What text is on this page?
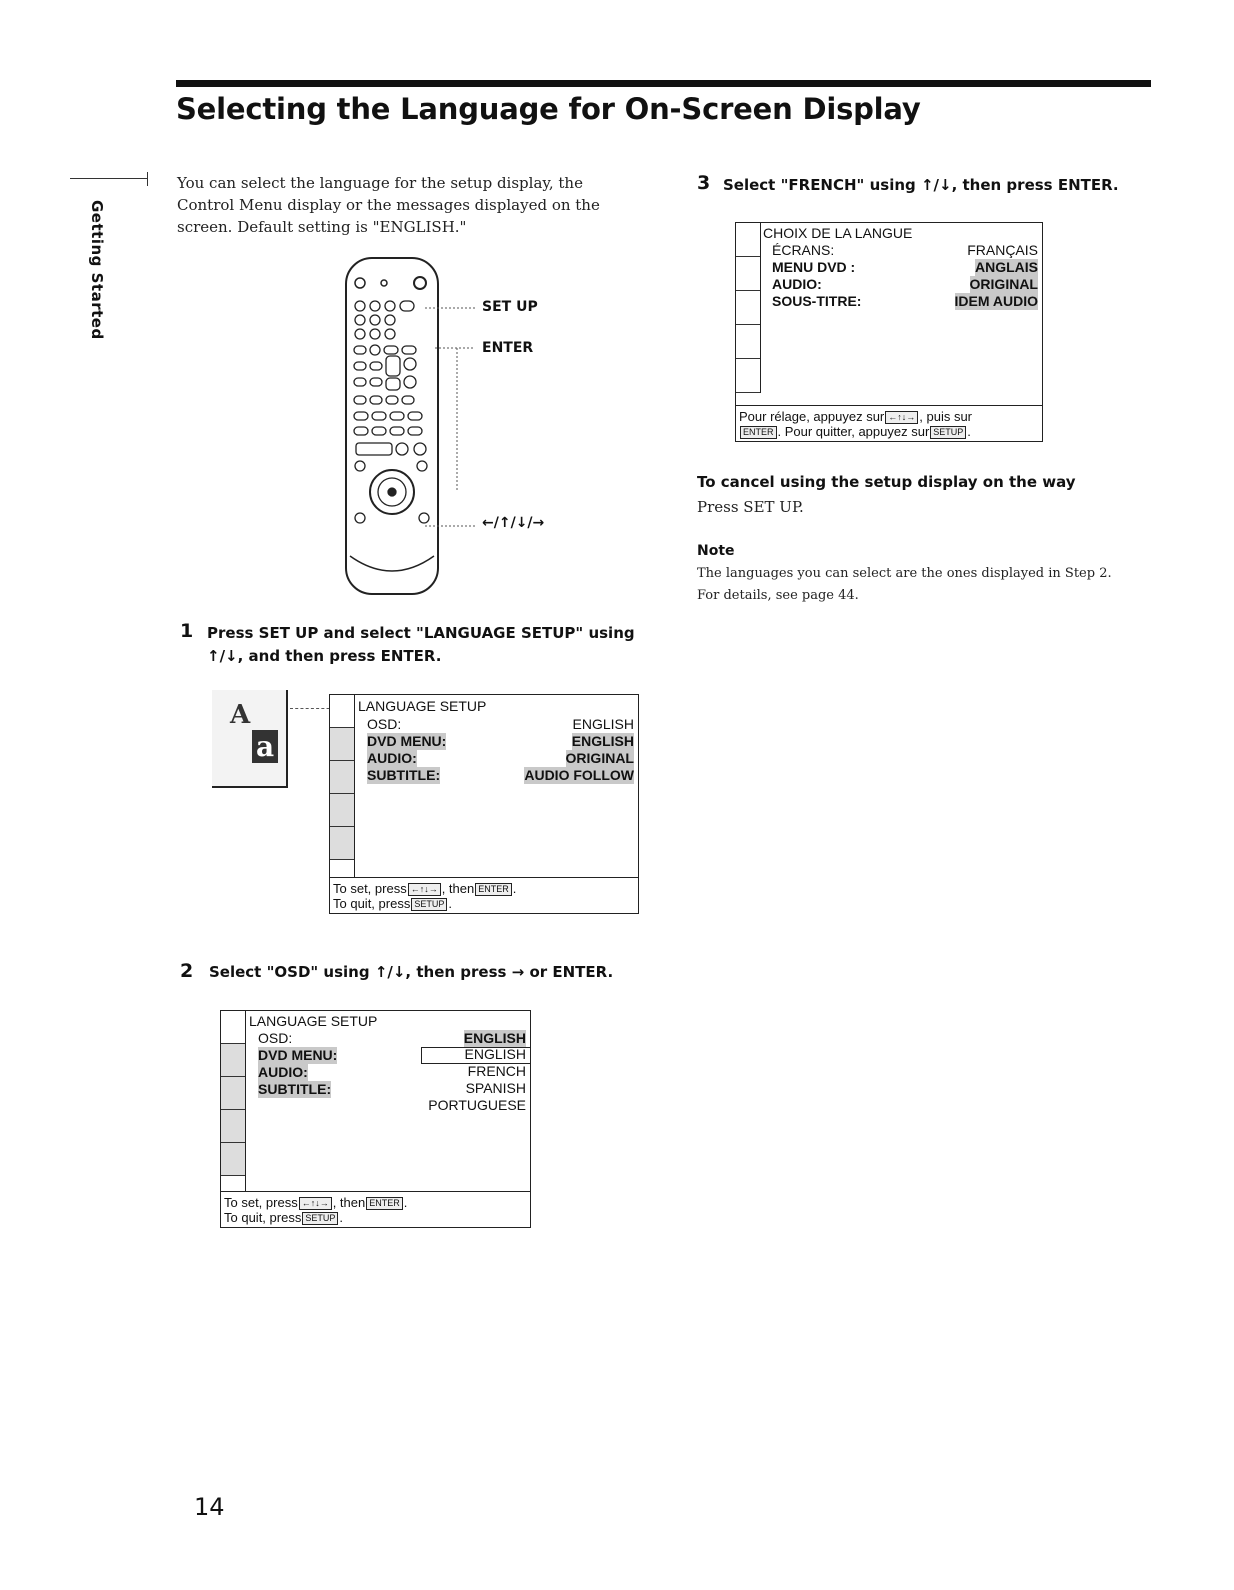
Selecting the Language for On-Screen Display
Getting Started
You can select the language for the setup display, the Control Menu display or the messages displayed on the screen. Default setting is "ENGLISH."
SET UP
ENTER
←/↑/↓/→
1 Press SET UP and select "LANGUAGE SETUP" using
↑/↓, and then press ENTER.
A
a
LANGUAGE SETUP
OSD:	ENGLISH
DVD MENU:	ENGLISH
AUDIO:	ORIGINAL
SUBTITLE:	AUDIO FOLLOW
To set, press ←↑↓→ , then ENTER .
To quit, press SETUP .
2 Select "OSD" using ↑/↓, then press → or ENTER.
LANGUAGE SETUP
OSD:	ENGLISH
DVD MENU:
AUDIO:
SUBTITLE:
ENGLISH
FRENCH
SPANISH
PORTUGUESE
To set, press ←↑↓→ , then ENTER .
To quit, press SETUP .
3 Select "FRENCH" using ↑/↓, then press ENTER.
CHOIX DE LA LANGUE
ÉCRANS:	FRANÇAIS
MENU DVD :	ANGLAIS
AUDIO:	ORIGINAL
SOUS-TITRE:	IDEM AUDIO
Pour rélage, appuyez sur ←↑↓→ , puis sur
ENTER . Pour quitter, appuyez sur SETUP .
To cancel using the setup display on the way
Press SET UP.
Note
The languages you can select are the ones displayed in Step 2.
For details, see page 44.
14
